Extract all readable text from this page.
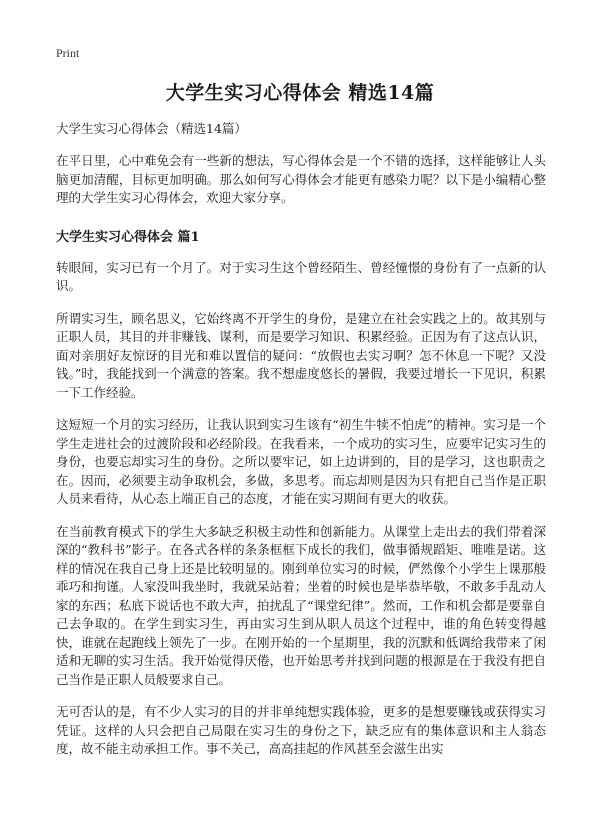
Print
大学生实习心得体会 精选14篇

大学生实习心得体会（精选14篇）

在平日里，心中难免会有一些新的想法，写心得体会是一个不错的选择，这样能够让人头脑更加清醒，目标更加明确。那么如何写心得体会才能更有感染力呢？以下是小编精心整理的大学生实习心得体会，欢迎大家分享。

大学生实习心得体会 篇1

转眼间，实习已有一个月了。对于实习生这个曾经陌生、曾经憧憬的身份有了一点新的认识。

所谓实习生，顾名思义，它始终离不开学生的身份，是建立在社会实践之上的。故其别与正职人员，其目的并非赚钱、谋利，而是要学习知识、积累经验。正因为有了这点认识，面对亲朋好友惊讶的目光和难以置信的疑问：“放假也去实习啊？怎不休息一下呢？又没钱。”时，我能找到一个满意的答案。我不想虚度悠长的暑假，我要过增长一下见识，积累一下工作经验。

这短短一个月的实习经历，让我认识到实习生该有“初生牛犊不怕虎”的精神。实习是一个学生走进社会的过渡阶段和必经阶段。在我看来，一个成功的实习生，应要牢记实习生的身份，也要忘却实习生的身份。之所以要牢记，如上边讲到的，目的是学习，这也职责之在。因而，必须要主动争取机会，多做，多思考。而忘却则是因为只有把自己当作是正职人员来看待，从心态上端正自己的态度，才能在实习期间有更大的收获。

在当前教育模式下的学生大多缺乏积极主动性和创新能力。从课堂上走出去的我们带着深深的“教科书”影子。在各式各样的条条框框下成长的我们，做事循规蹈矩、唯唯是诺。这样的情况在我自己身上还是比较明显的。刚到单位实习的时候，俨然像个小学生上课那般乖巧和拘谨。人家没叫我坐时，我就呆站着；坐着的时候也是毕恭毕敬，不敢多手乱动人家的东西；私底下说话也不敢大声，拍扰乱了“课堂纪律”。然而，工作和机会都是要靠自己去争取的。在学生到实习生，再由实习生到从职人员这个过程中，谁的角色转变得越快，谁就在起跑线上领先了一步。在刚开始的一个星期里，我的沉默和低调给我带来了闲适和无聊的实习生活。我开始觉得厌倦，也开始思考并找到问题的根源是在于我没有把自己当作是正职人员般要求自己。

无可否认的是，有不少人实习的目的并非单纯想实践体验，更多的是想要赚钱或获得实习凭证。这样的人只会把自己局限在实习生的身份之下，缺乏应有的集体意识和主人翁态度，故不能主动承担工作。事不关己，高高挂起的作风甚至会滋生出实
